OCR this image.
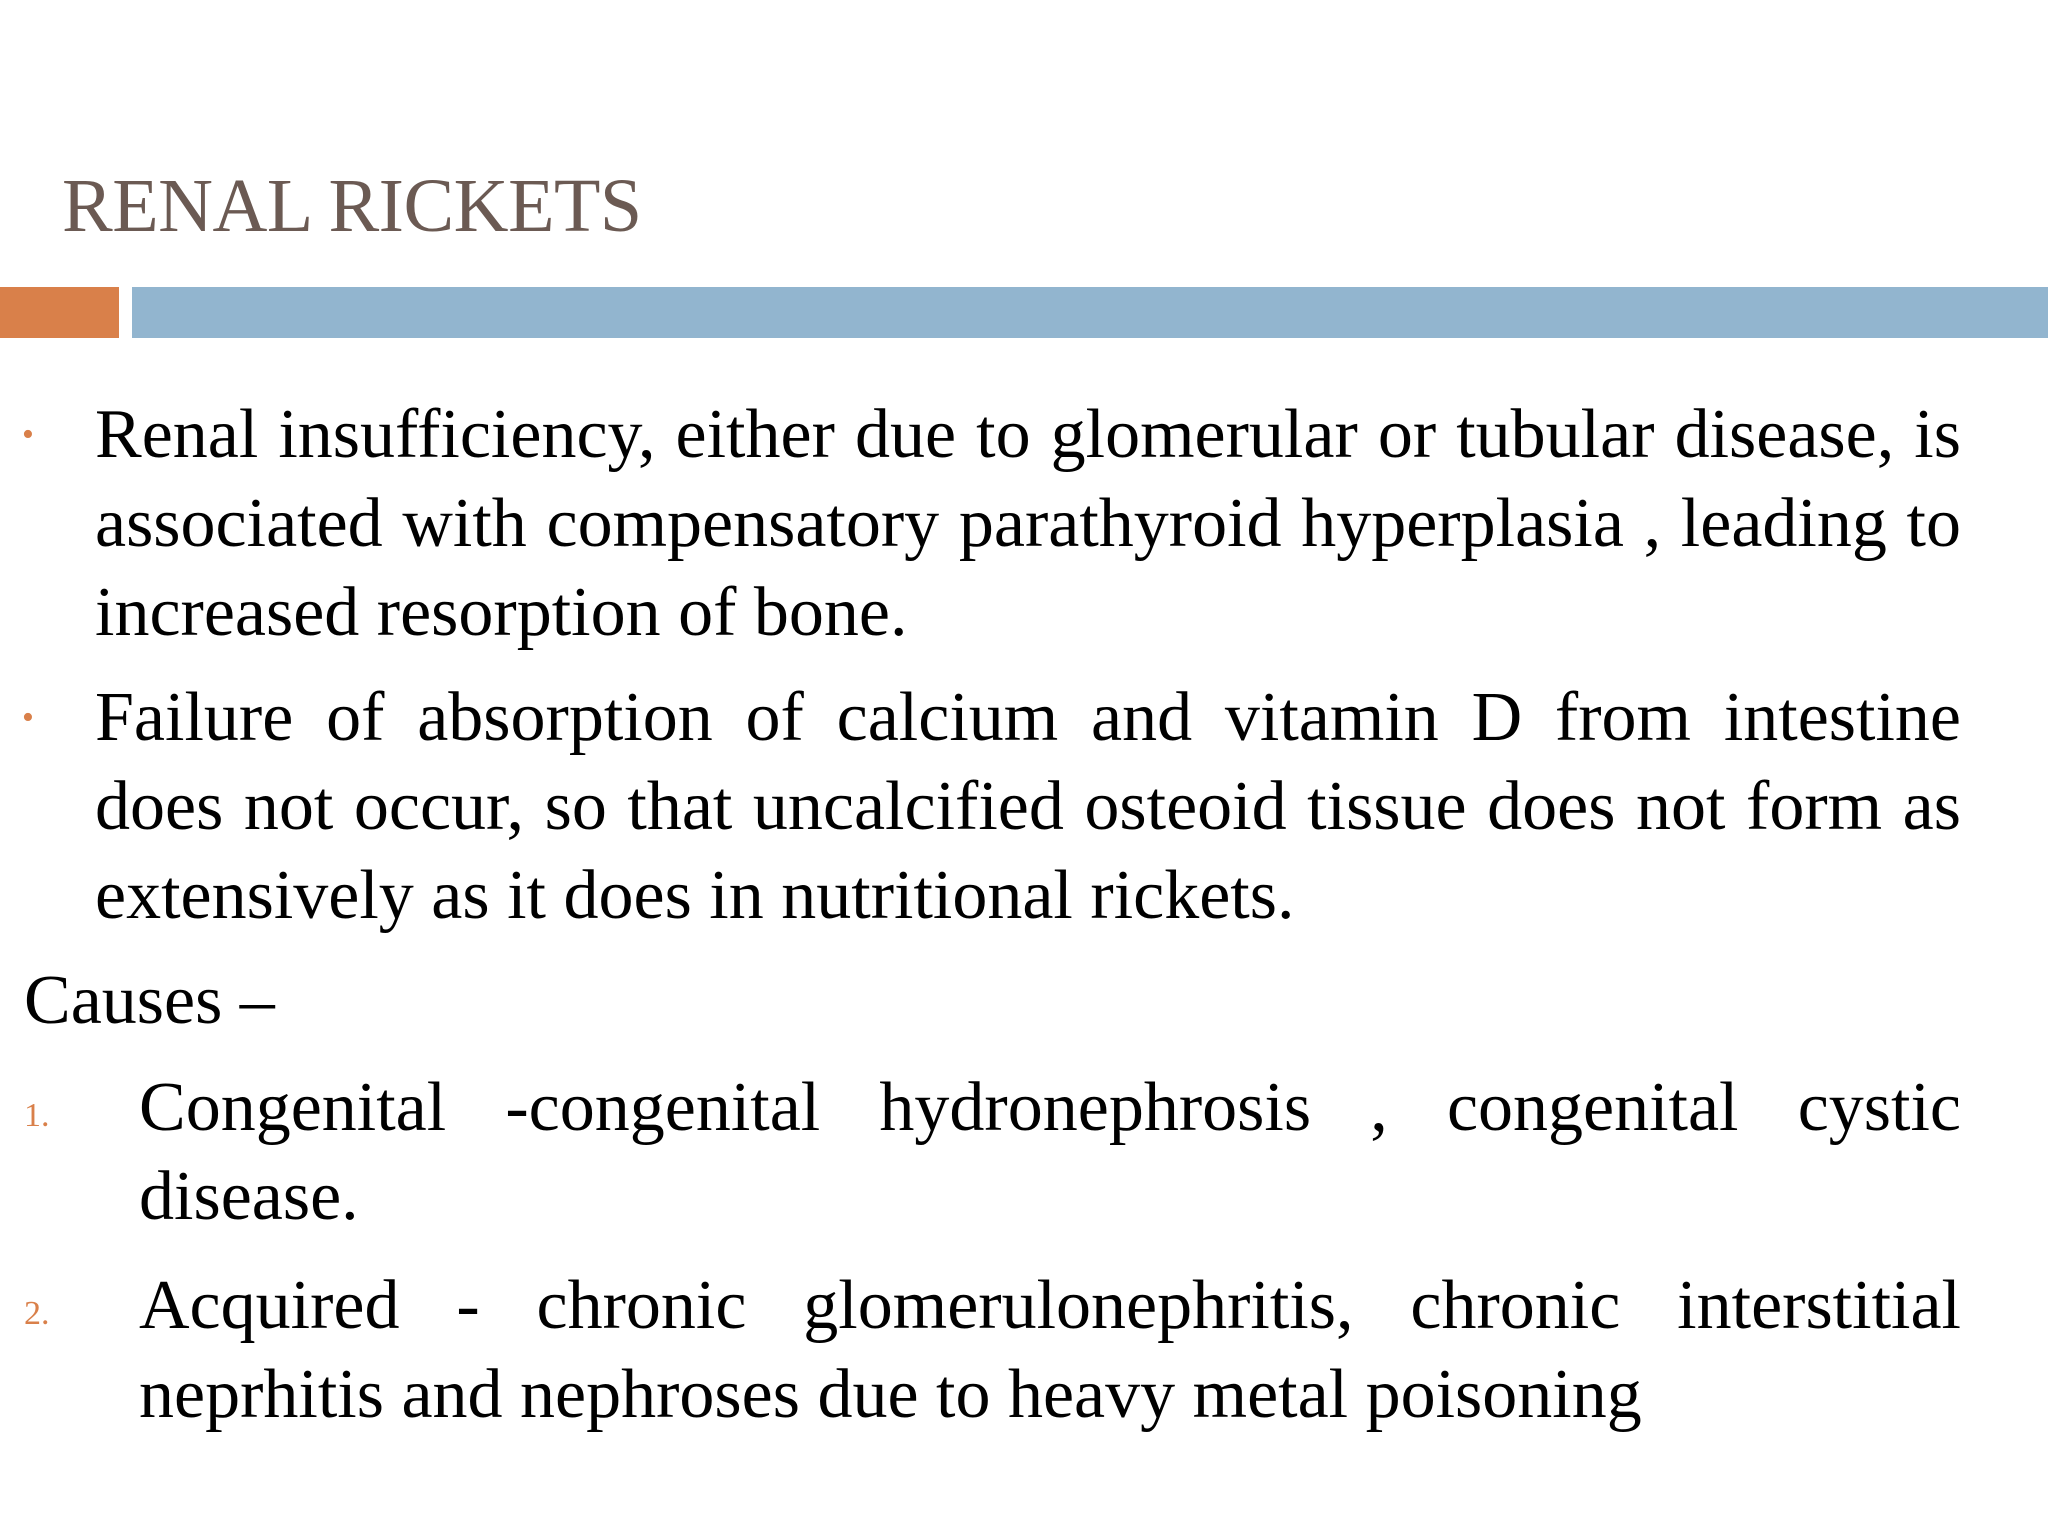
RENAL RICKETS
• Renal insufficiency, either due to glomerular or tubular disease, is associated with compensatory parathyroid hyperplasia , leading to increased resorption of bone.
• Failure of absorption of calcium and vitamin D from intestine does not occur, so that uncalcified osteoid tissue does not form as extensively as it does in nutritional rickets.
Causes –
1. Congenital -congenital hydronephrosis , congenital cystic disease.
2. Acquired - chronic glomerulonephritis, chronic interstitial neprhitis and nephroses due to heavy metal poisoning
